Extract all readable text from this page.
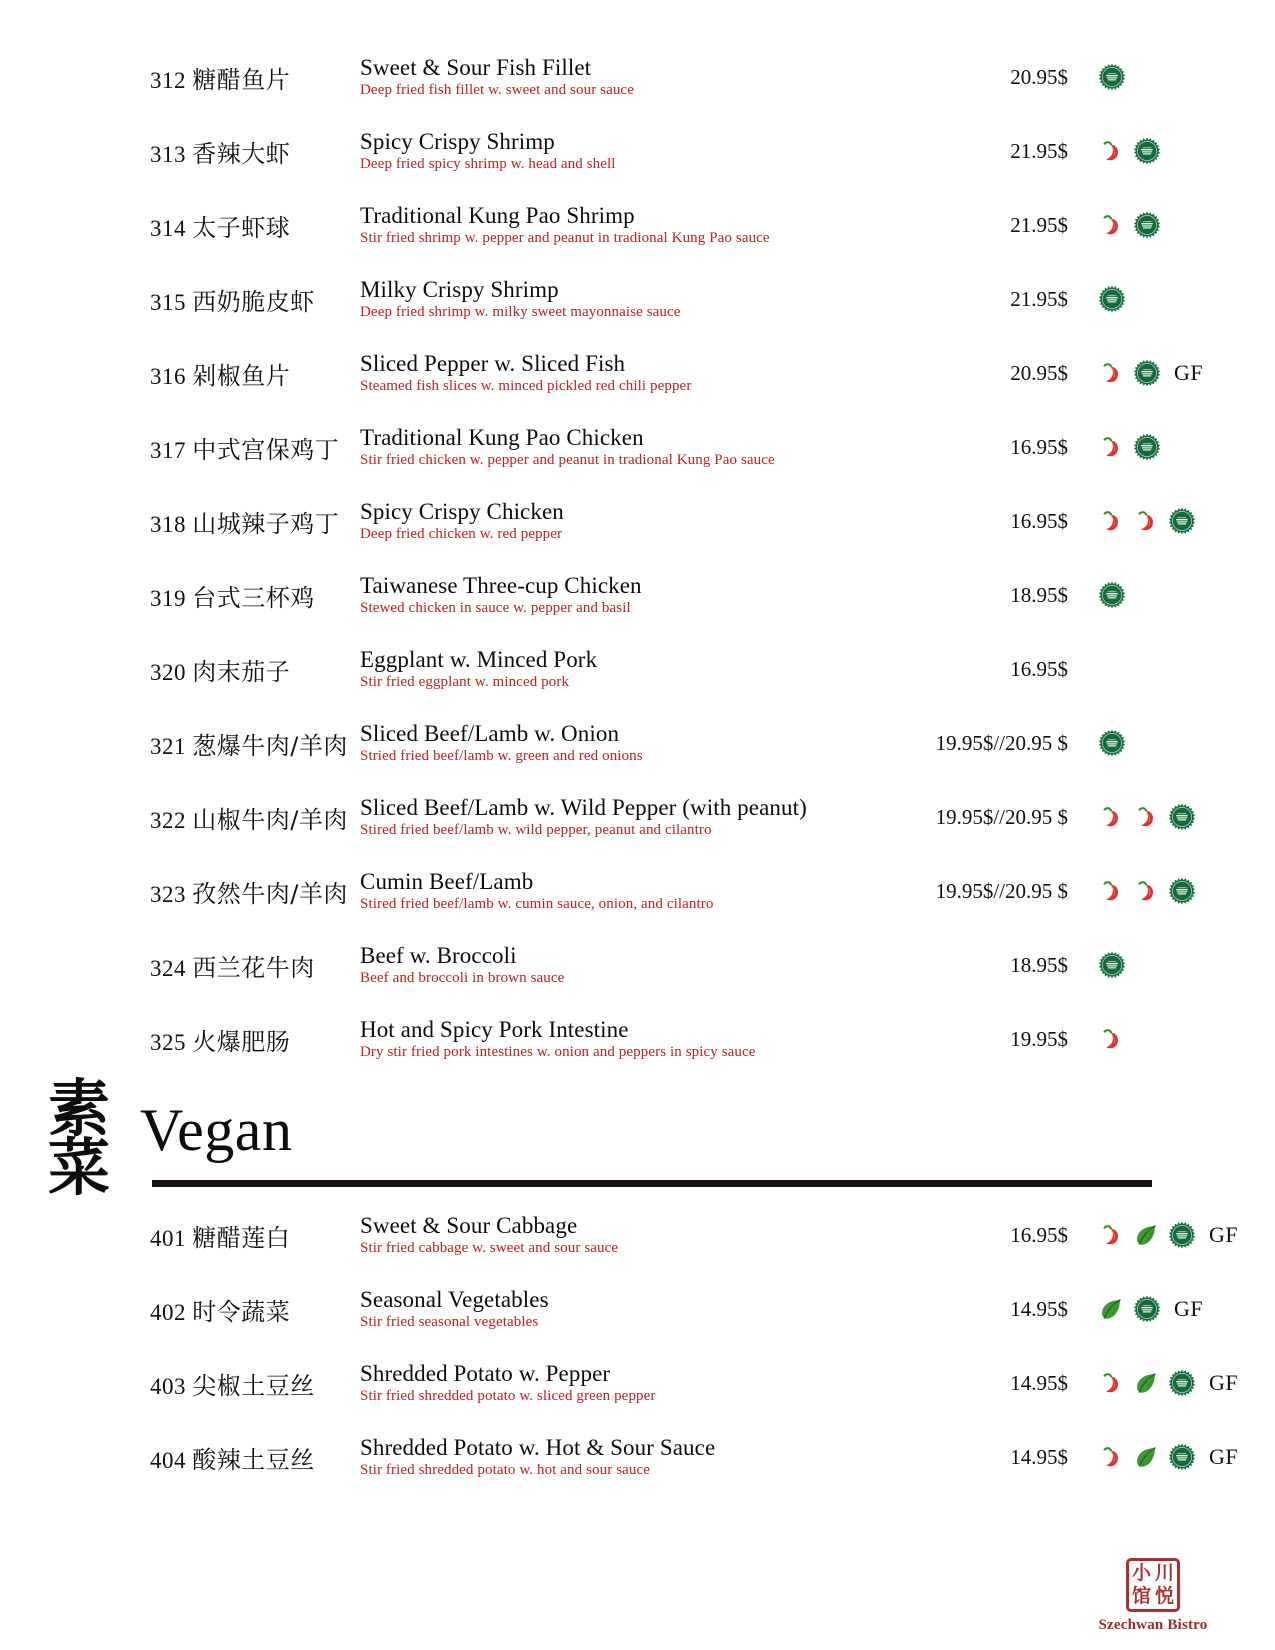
312 糖醋鱼片	Sweet & Sour Fish Fillet
Deep fried fish fillet w. sweet and sour sauce
20.95$
313 香辣大虾	Spicy Crispy Shrimp
Deep fried spicy shrimp w. head and shell
21.95$
314 太子虾球	Traditional Kung Pao Shrimp
Stir fried shrimp w. pepper and peanut in tradional Kung Pao sauce
21.95$
315 西奶脆皮虾	Milky Crispy Shrimp
Deep fried shrimp w. milky sweet mayonnaise sauce
21.95$
316 剁椒鱼片	Sliced Pepper w. Sliced Fish
Steamed fish slices w. minced pickled red chili pepper
20.95$	GF
317 中式宫保鸡丁 Traditional Kung Pao Chicken
Stir fried chicken w. pepper and peanut in tradional Kung Pao sauce
16.95$
318 山城辣子鸡丁 Spicy Crispy Chicken
Deep fried chicken w. red pepper
16.95$
319 台式三杯鸡	Taiwanese Three-cup Chicken
Stewed chicken in sauce w. pepper and basil
18.95$
320 肉末茄子	Eggplant w. Minced Pork
Stir fried eggplant w. minced pork
16.95$
321 葱爆牛肉/羊肉 Sliced Beef/Lamb w. Onion
Stried fried beef/lamb w. green and red onions
19.95$//20.95 $
322 山椒牛肉/羊肉 Sliced Beef/Lamb w. Wild Pepper (with peanut)
Stired fried beef/lamb w. wild pepper, peanut and cilantro
19.95$//20.95 $
323 孜然牛肉/羊肉 Cumin Beef/Lamb
Stired fried beef/lamb w. cumin sauce, onion, and cilantro
19.95$//20.95 $
324 西兰花牛肉	Beef w. Broccoli
Beef and broccoli in brown sauce
18.95$
325 火爆肥肠	Hot and Spicy Pork Intestine
Dry stir fried pork intestines w. onion and peppers in spicy sauce
19.95$
素菜
Vegan
401 糖醋莲白	Sweet & Sour Cabbage
Stir fried cabbage w. sweet and sour sauce
16.95$	GF
402 时令蔬菜	Seasonal Vegetables
Stir fried seasonal vegetables
14.95$	GF
403 尖椒土豆丝	Shredded Potato w. Pepper
Stir fried shredded potato w. sliced green pepper
14.95$	GF
404 酸辣土豆丝	Shredded Potato w. Hot & Sour Sauce
Stir fried shredded potato w. hot and sour sauce
14.95$	GF
小 川
馆 悦
Szechwan Bistro
